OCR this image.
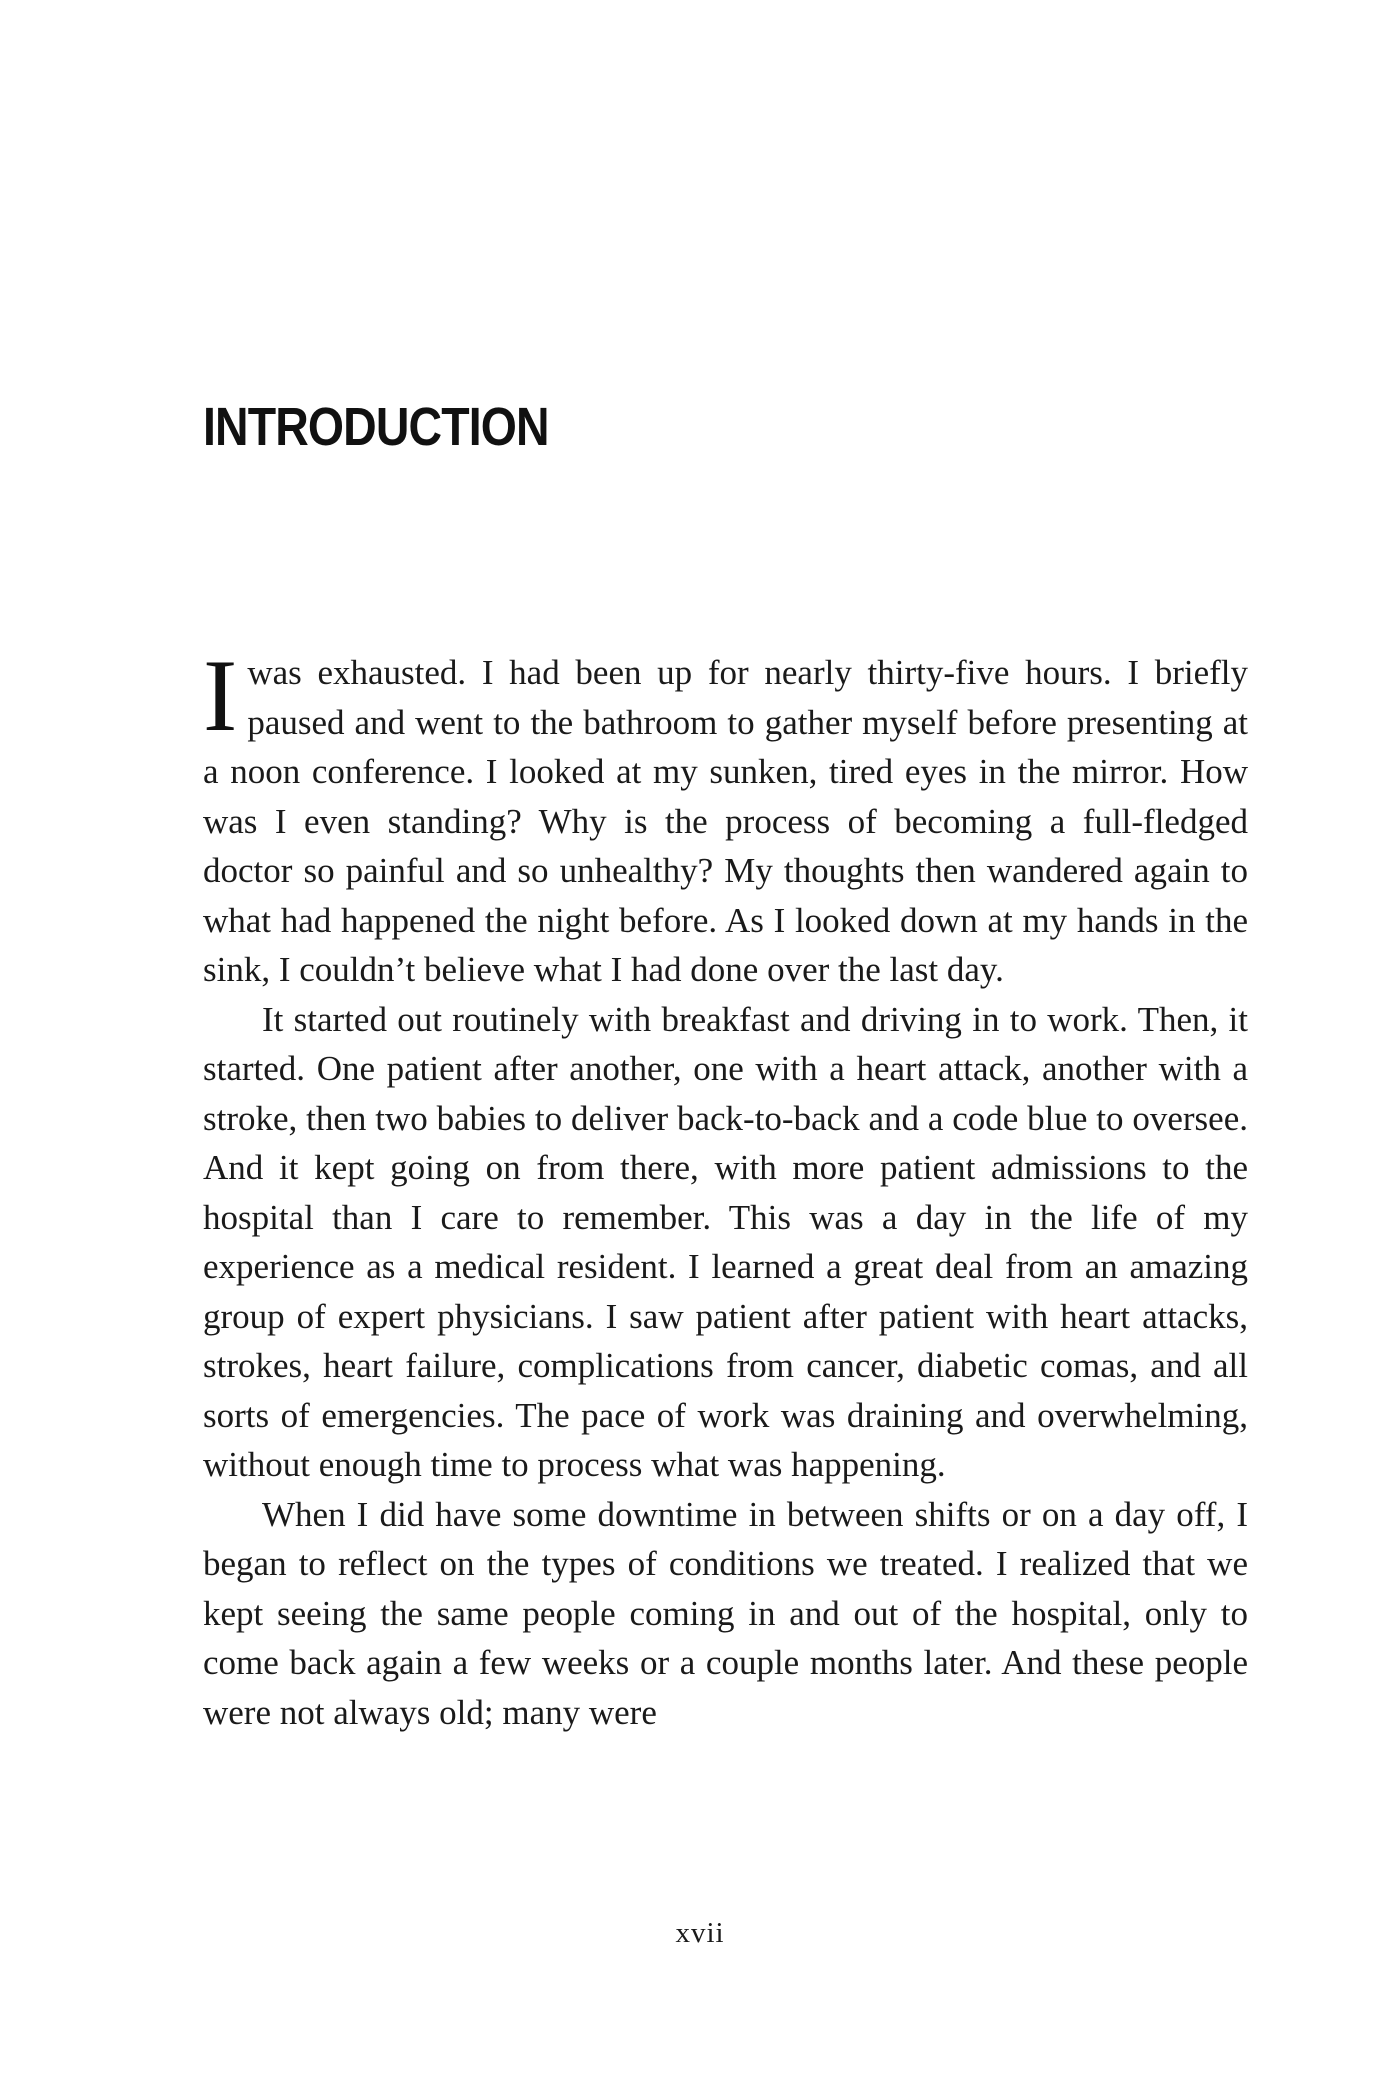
INTRODUCTION

Iwas exhausted. I had been up for nearly thirty-five hours. I briefly paused and went to the bathroom to gather myself before presenting at a noon conference. I looked at my sunken, tired eyes in the mirror. How was I even standing? Why is the process of becoming a full-fledged doctor so painful and so unhealthy? My thoughts then wandered again to what had happened the night before. As I looked down at my hands in the sink, I couldn’t believe what I had done over the last day.

It started out routinely with breakfast and driving in to work. Then, it started. One patient after another, one with a heart attack, another with a stroke, then two babies to deliver back-to-back and a code blue to oversee. And it kept going on from there, with more patient admissions to the hospital than I care to remember. This was a day in the life of my experience as a medical resident. I learned a great deal from an amazing group of expert physicians. I saw patient after patient with heart attacks, strokes, heart failure, complications from cancer, diabetic comas, and all sorts of emergencies. The pace of work was draining and overwhelming, without enough time to process what was happening.

When I did have some downtime in between shifts or on a day off, I began to reflect on the types of conditions we treated. I realized that we kept seeing the same people coming in and out of the hospital, only to come back again a few weeks or a couple months later. And these people were not always old; many were

xvii
